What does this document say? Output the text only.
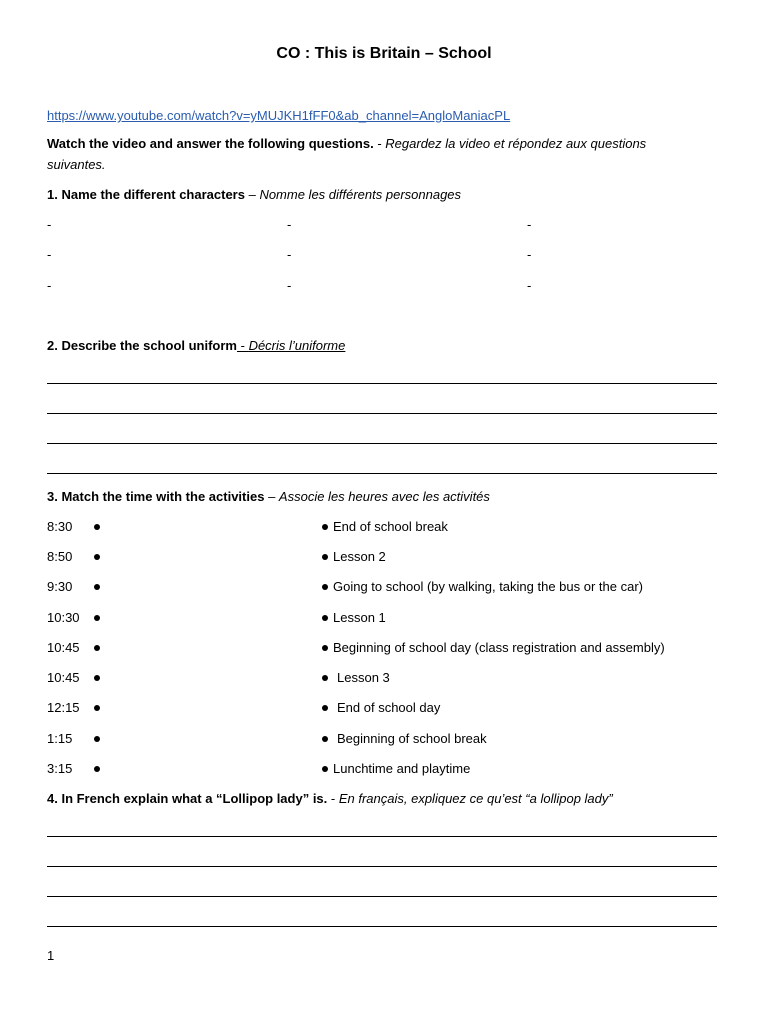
CO : This is Britain – School
https://www.youtube.com/watch?v=yMUJKH1fFF0&ab_channel=AngloManiacPL
Watch the video and answer the following questions. - Regardez la video et répondez aux questions
suivantes.
1. Name the different characters – Nomme les différents personnages
-	-	-
-	-	-
-	-	-
2. Describe the school uniform - Décris l’uniforme
3. Match the time with the activities – Associe les heures avec les activités
8:30	End of school break
8:50	Lesson 2
9:30	Going to school (by walking, taking the bus or the car)
10:30	Lesson 1
10:45	Beginning of school day (class registration and assembly)
10:45	Lesson 3
12:15	End of school day
1:15	Beginning of school break
3:15	Lunchtime and playtime
4. In French explain what a “Lollipop lady” is. - En français, expliquez ce qu’est “a lollipop lady”
1
